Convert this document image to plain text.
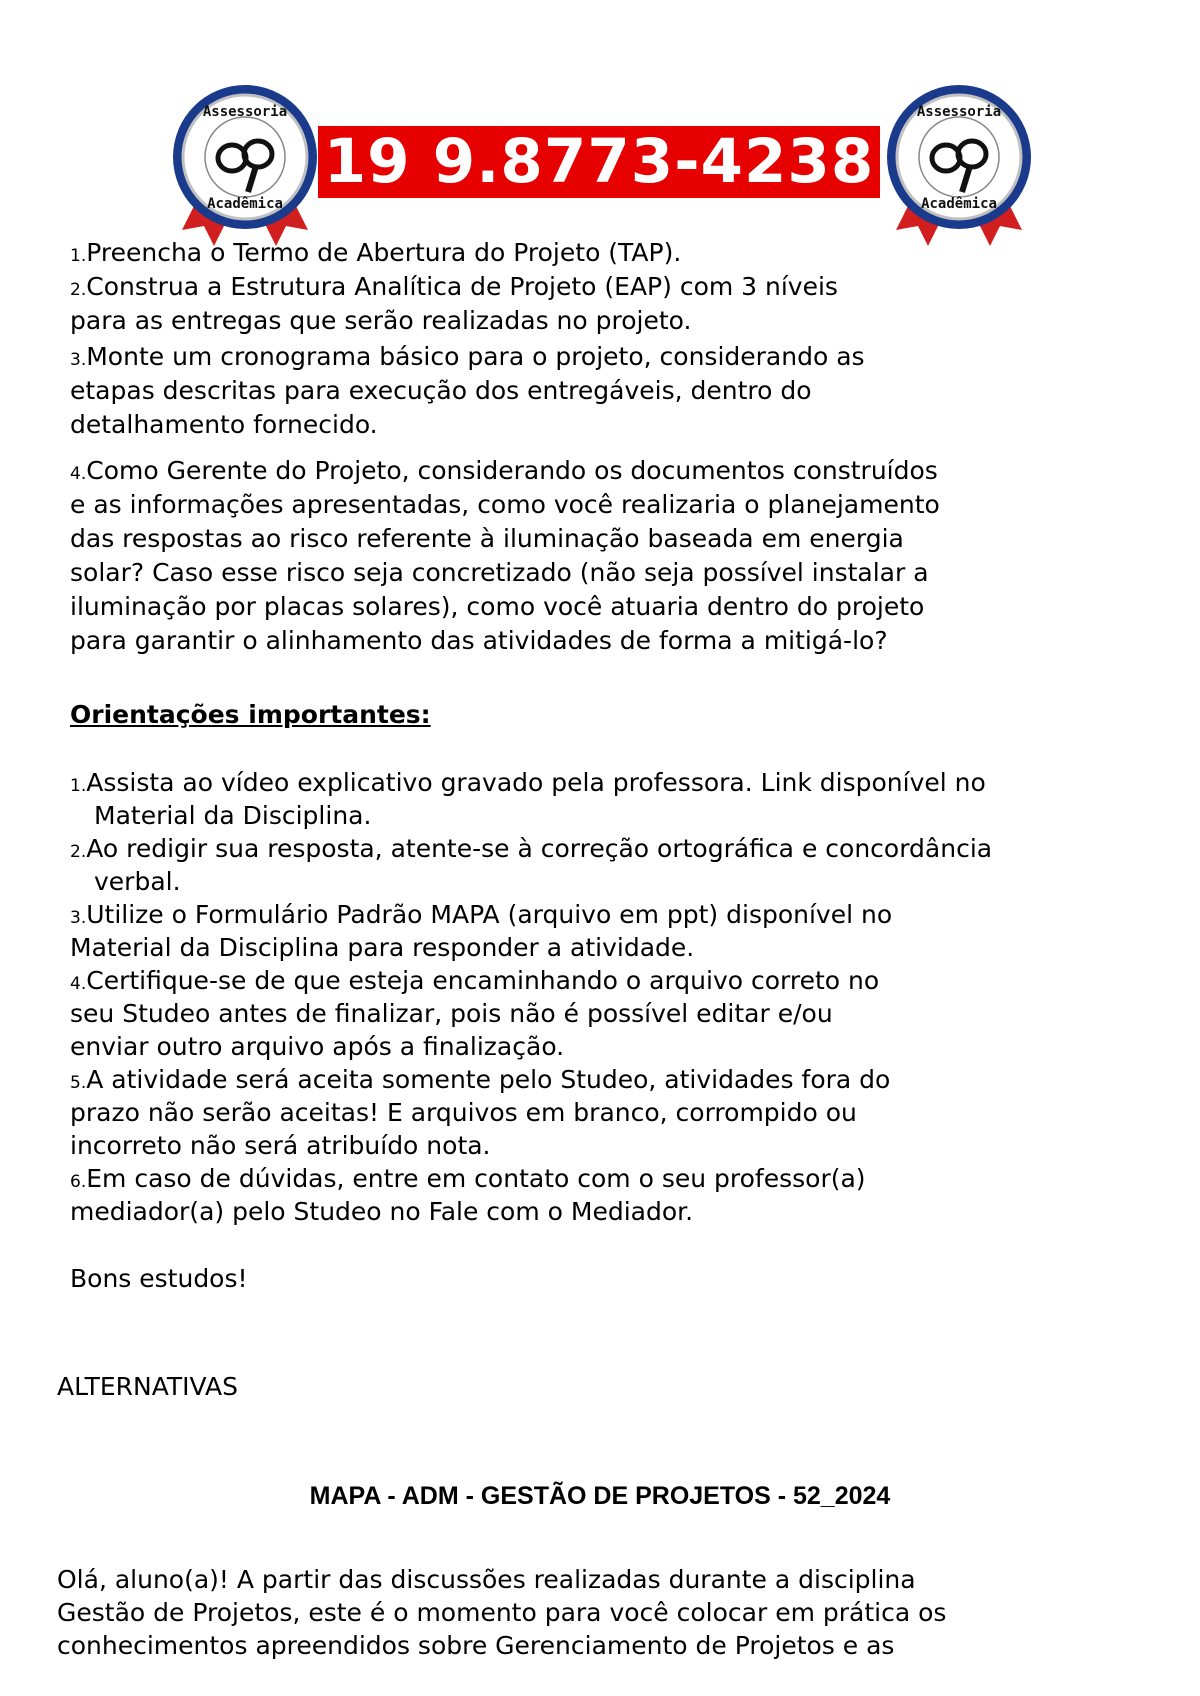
Assessoria
Acadêmica
19 9.8773-4238
Assessoria
Acadêmica
1.Preencha o Termo de Abertura do Projeto (TAP).
2.Construa a Estrutura Analítica de Projeto (EAP) com 3 níveis
para as entregas que serão realizadas no projeto.
3.Monte um cronograma básico para o projeto, considerando as
etapas descritas para execução dos entregáveis, dentro do
detalhamento fornecido.
4.Como Gerente do Projeto, considerando os documentos construídos
e as informações apresentadas, como você realizaria o planejamento
das respostas ao risco referente à iluminação baseada em energia
solar? Caso esse risco seja concretizado (não seja possível instalar a
iluminação por placas solares), como você atuaria dentro do projeto
para garantir o alinhamento das atividades de forma a mitigá-lo?
Orientações importantes:
1.Assista ao vídeo explicativo gravado pela professora. Link disponível no
Material da Disciplina.
2.Ao redigir sua resposta, atente-se à correção ortográfica e concordância
verbal.
3.Utilize o Formulário Padrão MAPA (arquivo em ppt) disponível no
Material da Disciplina para responder a atividade.
4.Certifique-se de que esteja encaminhando o arquivo correto no
seu Studeo antes de finalizar, pois não é possível editar e/ou
enviar outro arquivo após a finalização.
5.A atividade será aceita somente pelo Studeo, atividades fora do
prazo não serão aceitas! E arquivos em branco, corrompido ou
incorreto não será atribuído nota.
6.Em caso de dúvidas, entre em contato com o seu professor(a)
mediador(a) pelo Studeo no Fale com o Mediador.
Bons estudos!
ALTERNATIVAS
MAPA - ADM - GESTÃO DE PROJETOS - 52_2024
Olá, aluno(a)! A partir das discussões realizadas durante a disciplina
Gestão de Projetos, este é o momento para você colocar em prática os
conhecimentos apreendidos sobre Gerenciamento de Projetos e as
